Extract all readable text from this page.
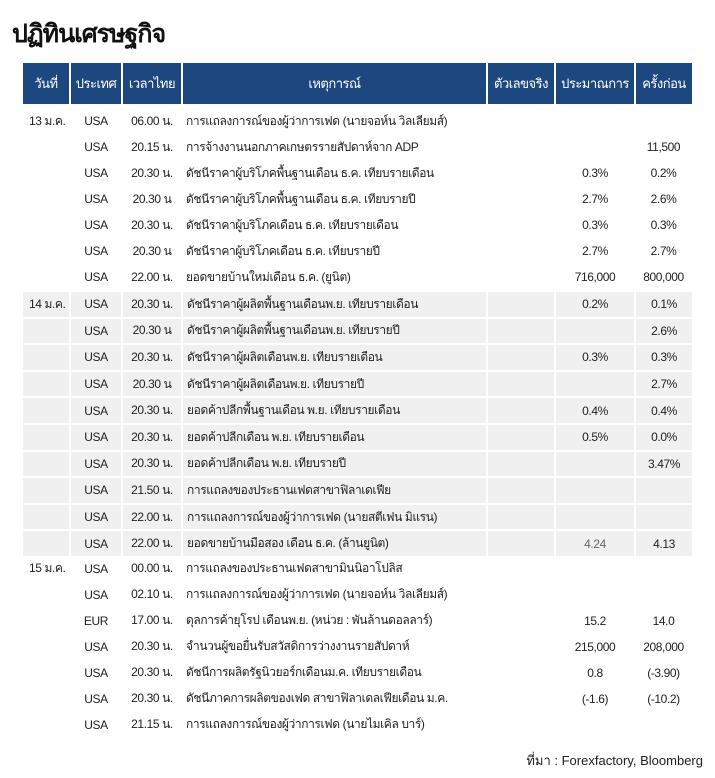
ปฏิทินเศรษฐกิจ
วันที่	ประเทศ	เวลาไทย	เหตุการณ์	ตัวเลขจริง	ประมาณการ	ครั้งก่อน
13 ม.ค.	USA	06.00 น.	การแถลงการณ์ของผู้ว่าการเฟด (นายจอห์น วิลเลียมส์)			
	USA	20.15 น.	การจ้างงานนอกภาคเกษตรรายสัปดาห์จาก ADP			11,500
	USA	20.30 น.	ดัชนีราคาผู้บริโภคพื้นฐานเดือน ธ.ค. เทียบรายเดือน		0.3%	0.2%
	USA	20.30 น	ดัชนีราคาผู้บริโภคพื้นฐานเดือน ธ.ค. เทียบรายปี		2.7%	2.6%
	USA	20.30 น.	ดัชนีราคาผู้บริโภคเดือน ธ.ค. เทียบรายเดือน		0.3%	0.3%
	USA	20.30 น	ดัชนีราคาผู้บริโภคเดือน ธ.ค. เทียบรายปี		2.7%	2.7%
	USA	22.00 น.	ยอดขายบ้านใหม่เดือน ธ.ค. (ยูนิต)		716,000	800,000
14 ม.ค.	USA	20.30 น.	ดัชนีราคาผู้ผลิตพื้นฐานเดือนพ.ย. เทียบรายเดือน		0.2%	0.1%
	USA	20.30 น	ดัชนีราคาผู้ผลิตพื้นฐานเดือนพ.ย. เทียบรายปี			2.6%
	USA	20.30 น.	ดัชนีราคาผู้ผลิตเดือนพ.ย. เทียบรายเดือน		0.3%	0.3%
	USA	20.30 น	ดัชนีราคาผู้ผลิตเดือนพ.ย. เทียบรายปี			2.7%
	USA	20.30 น.	ยอดค้าปลีกพื้นฐานเดือน พ.ย. เทียบรายเดือน		0.4%	0.4%
	USA	20.30 น.	ยอดค้าปลีกเดือน พ.ย. เทียบรายเดือน		0.5%	0.0%
	USA	20.30 น.	ยอดค้าปลีกเดือน พ.ย. เทียบรายปี			3.47%
	USA	21.50 น.	การแถลงของประธานเฟดสาขาฟิลาเดเฟีย			
	USA	22.00 น.	การแถลงการณ์ของผู้ว่าการเฟด (นายสตีเฟน มิแรน)			
	USA	22.00 น.	ยอดขายบ้านมือสอง เดือน ธ.ค. (ล้านยูนิต)		4.24	4.13
15 ม.ค.	USA	00.00 น.	การแถลงของประธานเฟดสาขามินนิอาโปลิส			
	USA	02.10 น.	การแถลงการณ์ของผู้ว่าการเฟด (นายจอห์น วิลเลียมส์)			
	EUR	17.00 น.	ดุลการค้ายุโรป เดือนพ.ย. (หน่วย : พันล้านดอลลาร์)		15.2	14.0
	USA	20.30 น.	จำนวนผู้ขอยื่นรับสวัสดิการว่างงานรายสัปดาห์		215,000	208,000
	USA	20.30 น.	ดัชนีการผลิตรัฐนิวยอร์กเดือนม.ค. เทียบรายเดือน		0.8	(-3.90)
	USA	20.30 น.	ดัชนีภาคการผลิตของเฟด สาขาฟิลาเดลเฟียเดือน ม.ค.		(-1.6)	(-10.2)
	USA	21.15 น.	การแถลงการณ์ของผู้ว่าการเฟด (นายไมเคิล บาร์)			
ที่มา : Forexfactory, Bloomberg
